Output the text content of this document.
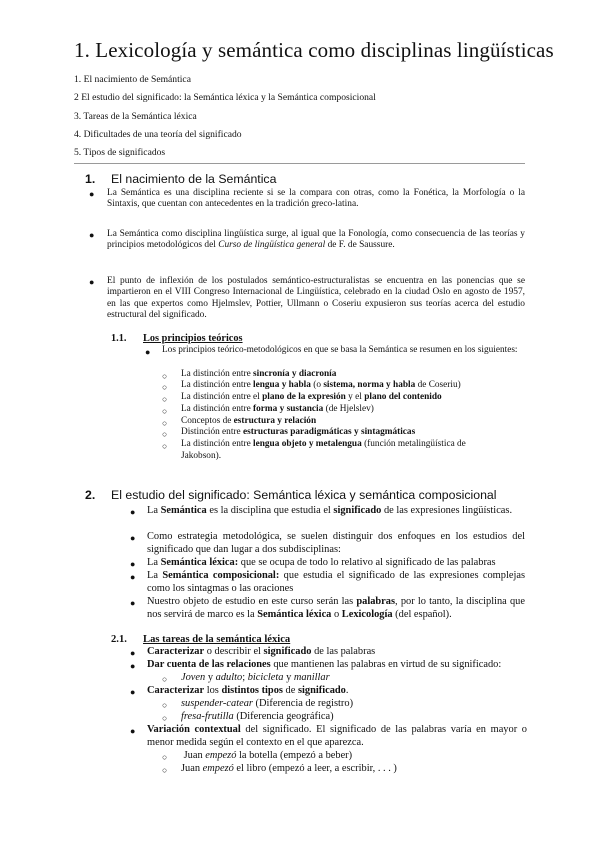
1. Lexicología y semántica como disciplinas lingüísticas
1. El nacimiento de Semántica
2 El estudio del significado: la Semántica léxica y la Semántica composicional
3. Tareas de la Semántica léxica
4. Dificultades de una teoría del significado
5. Tipos de significados
1. El nacimiento de la Semántica
● La Semántica es una disciplina reciente si se la compara con otras, como la Fonética, la Morfología o la Sintaxis, que cuentan con antecedentes en la tradición greco-latina.
● La Semántica como disciplina lingüística surge, al igual que la Fonología, como consecuencia de las teorías y principios metodológicos del Curso de lingüística general de F. de Saussure.
● El punto de inflexión de los postulados semántico-estructuralistas se encuentra en las ponencias que se impartieron en el VIII Congreso Internacional de Lingüística, celebrado en la ciudad Oslo en agosto de 1957, en las que expertos como Hjelmslev, Pottier, Ullmann o Coseriu expusieron sus teorías acerca del estudio estructural del significado.
1.1. Los principios teóricos
● Los principios teórico-metodológicos en que se basa la Semántica se resumen en los siguientes:
○ La distinción entre sincronía y diacronía
○ La distinción entre lengua y habla (o sistema, norma y habla de Coseriu)
○ La distinción entre el plano de la expresión y el plano del contenido
○ La distinción entre forma y sustancia (de Hjelslev)
○ Conceptos de estructura y relación
○ Distinción entre estructuras paradigmáticas y sintagmáticas
○ La distinción entre lengua objeto y metalengua (función metalingüística de Jakobson).
2. El estudio del significado: Semántica léxica y semántica composicional
● La Semántica es la disciplina que estudia el significado de las expresiones lingüísticas.
● Como estrategia metodológica, se suelen distinguir dos enfoques en los estudios del significado que dan lugar a dos subdisciplinas:
● La Semántica léxica: que se ocupa de todo lo relativo al significado de las palabras
● La Semántica composicional: que estudia el significado de las expresiones complejas como los sintagmas o las oraciones
● Nuestro objeto de estudio en este curso serán las palabras, por lo tanto, la disciplina que nos servirá de marco es la Semántica léxica o Lexicología (del español).
2.1. Las tareas de la semántica léxica
● Caracterizar o describir el significado de las palabras
● Dar cuenta de las relaciones que mantienen las palabras en virtud de su significado:
○ Joven y adulto; bicicleta y manillar
● Caracterizar los distintos tipos de significado.
○ suspender-catear (Diferencia de registro)
○ fresa-frutilla (Diferencia geográfica)
● Variación contextual del significado. El significado de las palabras varía en mayor o menor medida según el contexto en el que aparezca.
○ Juan empezó la botella (empezó a beber)
○ Juan empezó el libro (empezó a leer, a escribir, . . . )
